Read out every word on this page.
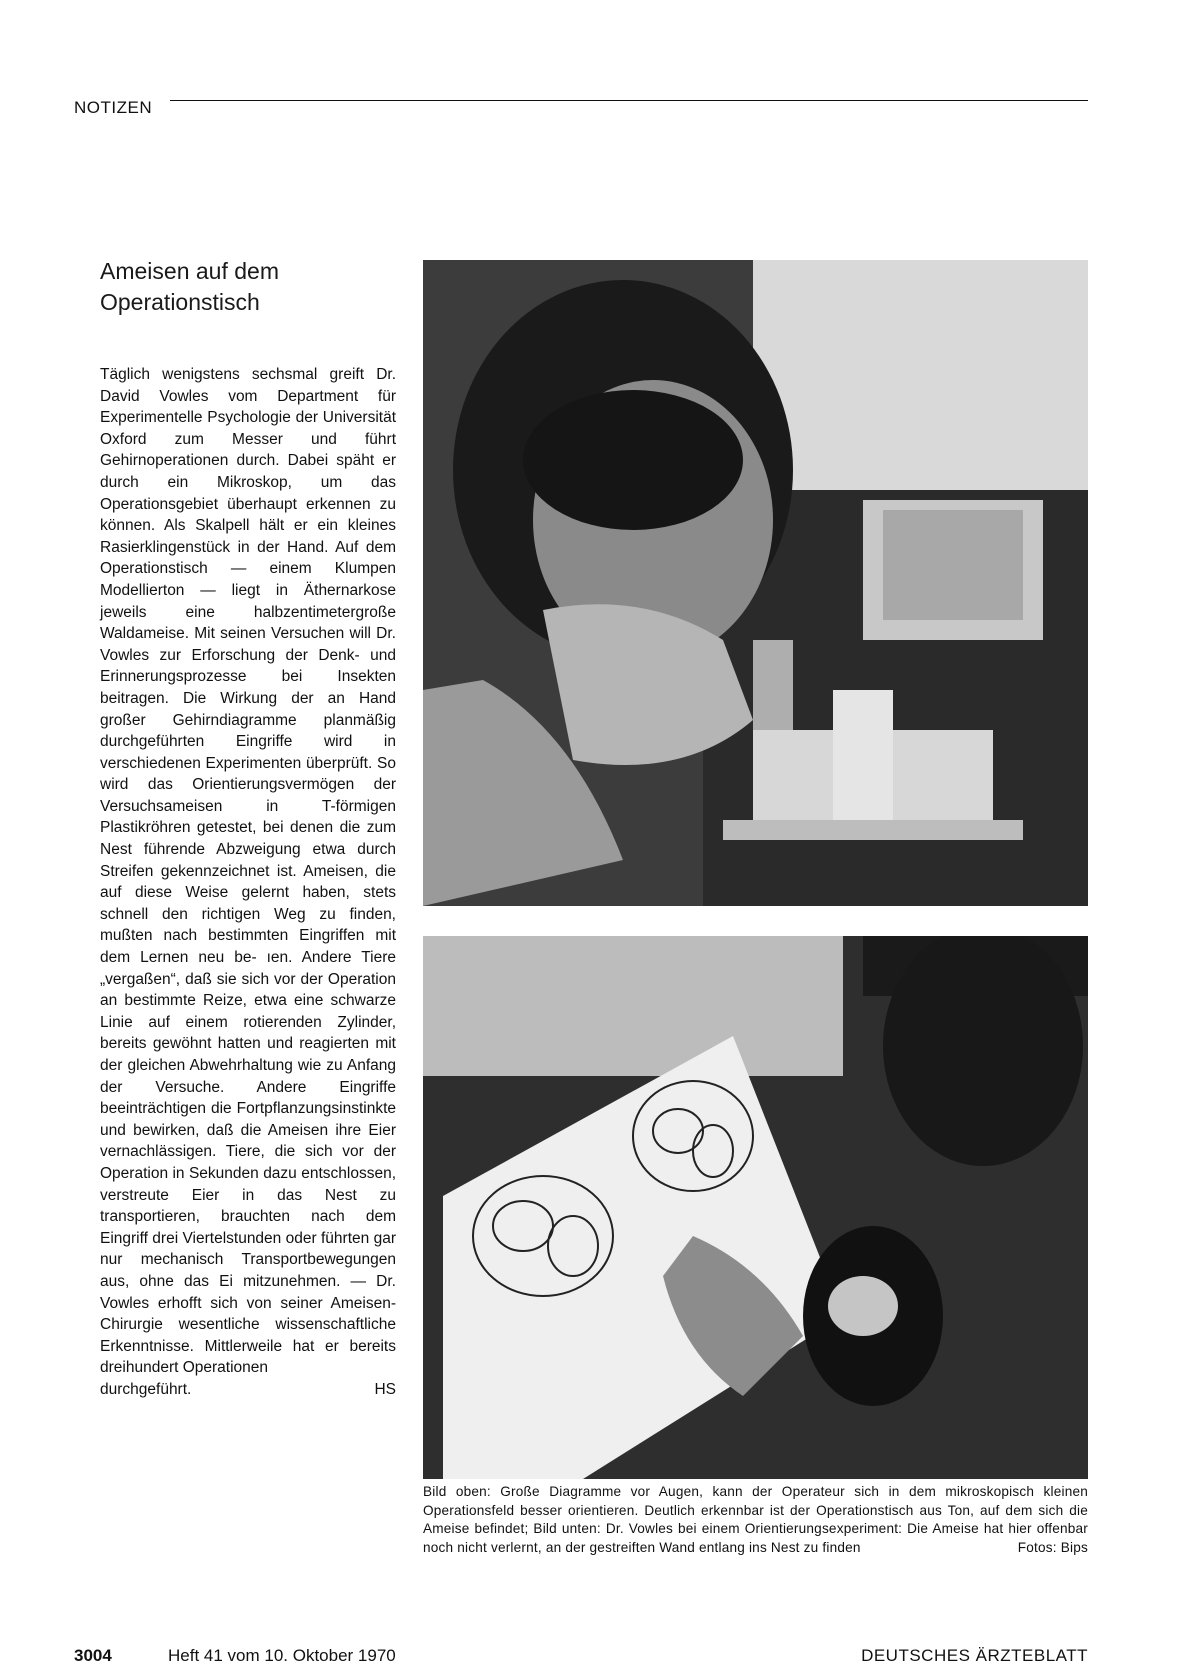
NOTIZEN
Ameisen auf dem
Operationstisch

Täglich wenigstens sechsmal greift Dr. David Vowles vom Department für Experimentelle Psychologie der Universität Oxford zum Messer und führt Gehirnoperationen durch. Dabei späht er durch ein Mikroskop, um das Operationsgebiet überhaupt erkennen zu können. Als Skalpell hält er ein kleines Rasierklingenstück in der Hand. Auf dem Operationstisch — einem Klumpen Modellierton — liegt in Äthernarkose jeweils eine halbzentimetergroße Waldameise. Mit seinen Versuchen will Dr. Vowles zur Erforschung der Denk- und Erinnerungsprozesse bei Insekten beitragen. Die Wirkung der an Hand großer Gehirndiagramme planmäßig durchgeführten Eingriffe wird in verschiedenen Experimenten überprüft. So wird das Orientierungsvermögen der Versuchsameisen in T-förmigen Plastikröhren getestet, bei denen die zum Nest führende Abzweigung etwa durch Streifen gekennzeichnet ist. Ameisen, die auf diese Weise gelernt haben, stets schnell den richtigen Weg zu finden, mußten nach bestimmten Eingriffen mit dem Lernen neu be- ıen. Andere Tiere „vergaßen“, daß sie sich vor der Operation an bestimmte Reize, etwa eine schwarze Linie auf einem rotierenden Zylinder, bereits gewöhnt hatten und reagierten mit der gleichen Abwehrhaltung wie zu Anfang der Versuche. Andere Eingriffe beeinträchtigen die Fortpflanzungsinstinkte und bewirken, daß die Ameisen ihre Eier vernachlässigen. Tiere, die sich vor der Operation in Sekunden dazu entschlossen, verstreute Eier in das Nest zu transportieren, brauchten nach dem Eingriff drei Viertelstunden oder führten gar nur mechanisch Transportbewegungen aus, ohne das Ei mitzunehmen. — Dr. Vowles erhofft sich von seiner Ameisen-Chirurgie wesentliche wissenschaftliche Erkenntnisse. Mittlerweile hat er bereits dreihundert Operationen

durchgeführt.	HS

Bild oben: Große Diagramme vor Augen, kann der Operateur sich in dem mikroskopisch kleinen Operationsfeld besser orientieren. Deutlich erkennbar ist der Operationstisch aus Ton, auf dem sich die Ameise befindet; Bild unten: Dr. Vowles bei einem Orientierungsexperiment: Die Ameise hat hier offenbar noch nicht verlernt, an der gestreiften Wand entlang ins Nest zu finden	Fotos: Bips

3004	Heft 41 vom 10. Oktober 1970	DEUTSCHES ÄRZTEBLATT
